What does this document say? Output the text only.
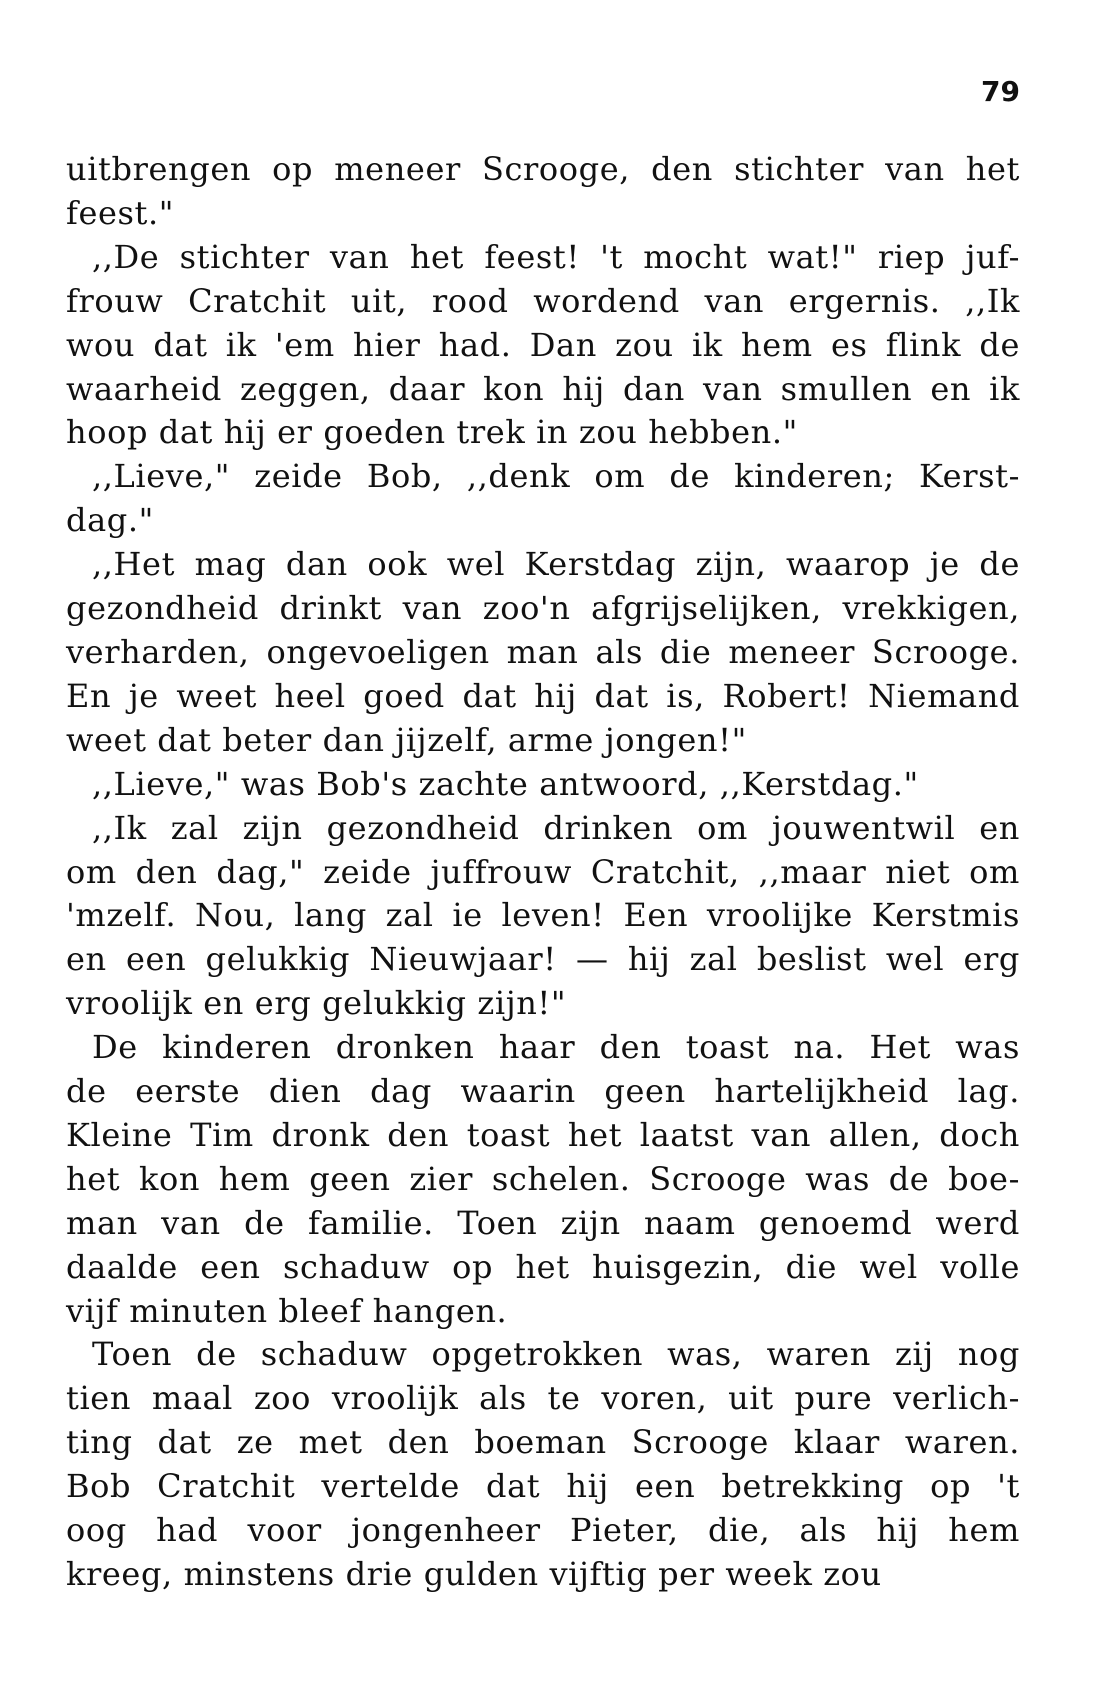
79

uitbrengen op meneer Scrooge, den stichter van het
feest."

,,De stichter van het feest! 't mocht wat!" riep juf-
frouw Cratchit uit, rood wordend van ergernis. ,,Ik
wou dat ik 'em hier had. Dan zou ik hem es flink de
waarheid zeggen, daar kon hij dan van smullen en ik
hoop dat hij er goeden trek in zou hebben."

,,Lieve," zeide Bob, ,,denk om de kinderen; Kerst-
dag."

,,Het mag dan ook wel Kerstdag zijn, waarop je de
gezondheid drinkt van zoo'n afgrijselijken, vrekkigen,
verharden, ongevoeligen man als die meneer Scrooge.
En je weet heel goed dat hij dat is, Robert! Niemand
weet dat beter dan jijzelf, arme jongen!"

,,Lieve," was Bob's zachte antwoord, ,,Kerstdag."

,,Ik zal zijn gezondheid drinken om jouwentwil en
om den dag," zeide juffrouw Cratchit, ,,maar niet om
'mzelf. Nou, lang zal ie leven! Een vroolijke Kerstmis
en een gelukkig Nieuwjaar! — hij zal beslist wel erg
vroolijk en erg gelukkig zijn!"

De kinderen dronken haar den toast na. Het was
de eerste dien dag waarin geen hartelijkheid lag.
Kleine Tim dronk den toast het laatst van allen, doch
het kon hem geen zier schelen. Scrooge was de boe-
man van de familie. Toen zijn naam genoemd werd
daalde een schaduw op het huisgezin, die wel volle
vijf minuten bleef hangen.

Toen de schaduw opgetrokken was, waren zij nog
tien maal zoo vroolijk als te voren, uit pure verlich-
ting dat ze met den boeman Scrooge klaar waren.
Bob Cratchit vertelde dat hij een betrekking op 't
oog had voor jongenheer Pieter, die, als hij hem
kreeg, minstens drie gulden vijftig per week zou
